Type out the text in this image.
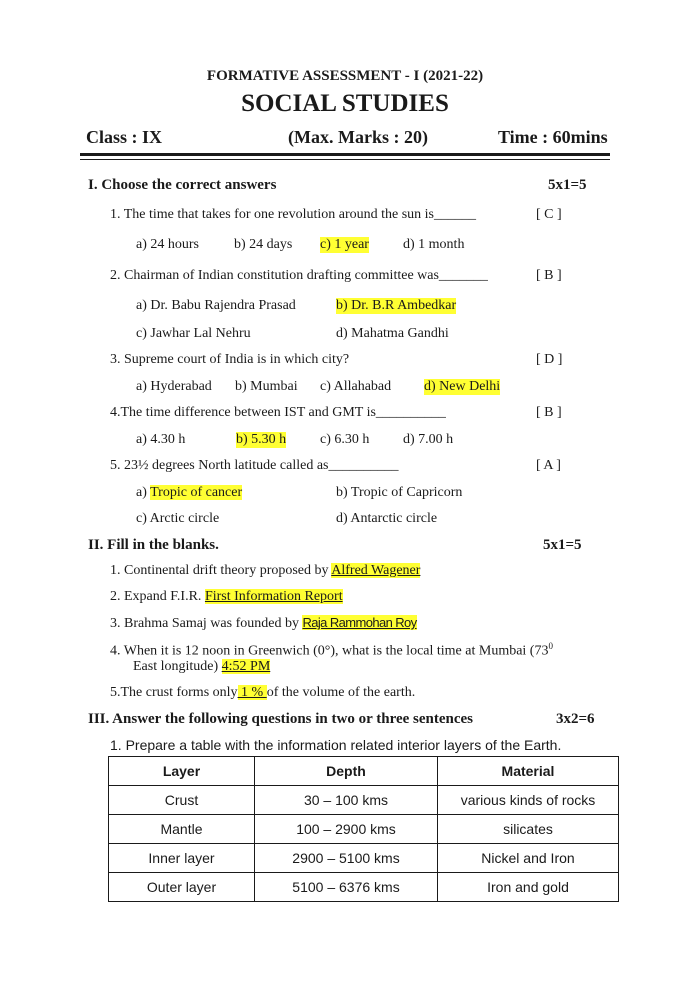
FORMATIVE ASSESSMENT - I (2021-22)
SOCIAL STUDIES
Class : IX	(Max. Marks : 20)	Time : 60mins
I. Choose the correct answers	5x1=5
1. The time that takes for one revolution around the sun is______	[ C ]
a) 24 hours	b) 24 days c) 1 year d) 1 month
2. Chairman of Indian constitution drafting committee was_______	[ B ]
a) Dr. Babu Rajendra Prasad	b) Dr. B.R Ambedkar
c) Jawhar Lal Nehru	d) Mahatma Gandhi
3. Supreme court of India is in which city?	[ D ]
a) Hyderabad b) Mumbai c) Allahabad d) New Delhi
4.The time difference between IST and GMT is__________	[ B ]
a) 4.30 h	b) 5.30 h c) 6.30 h d) 7.00 h
5. 23½ degrees North latitude called as__________	[ A ]
a) Tropic of cancer	b) Tropic of Capricorn
c) Arctic circle	d) Antarctic circle
II. Fill in the blanks.	5x1=5
1. Continental drift theory proposed by Alfred Wagener
2. Expand F.I.R. First Information Report
3. Brahma Samaj was founded by Raja Rammohan Roy
4. When it is 12 noon in Greenwich (0°), what is the local time at Mumbai ($73^0$
East longitude) 4:52 PM
5.The crust forms only 1 % of the volume of the earth.
III. Answer the following questions in two or three sentences	3x2=6
1. Prepare a table with the information related interior layers of the Earth.
Layer	Depth	Material
Crust	30 – 100 kms	various kinds of rocks
Mantle	100 – 2900 kms	silicates
Inner layer	2900 – 5100 kms	Nickel and Iron
Outer layer	5100 – 6376 kms	Iron and gold
